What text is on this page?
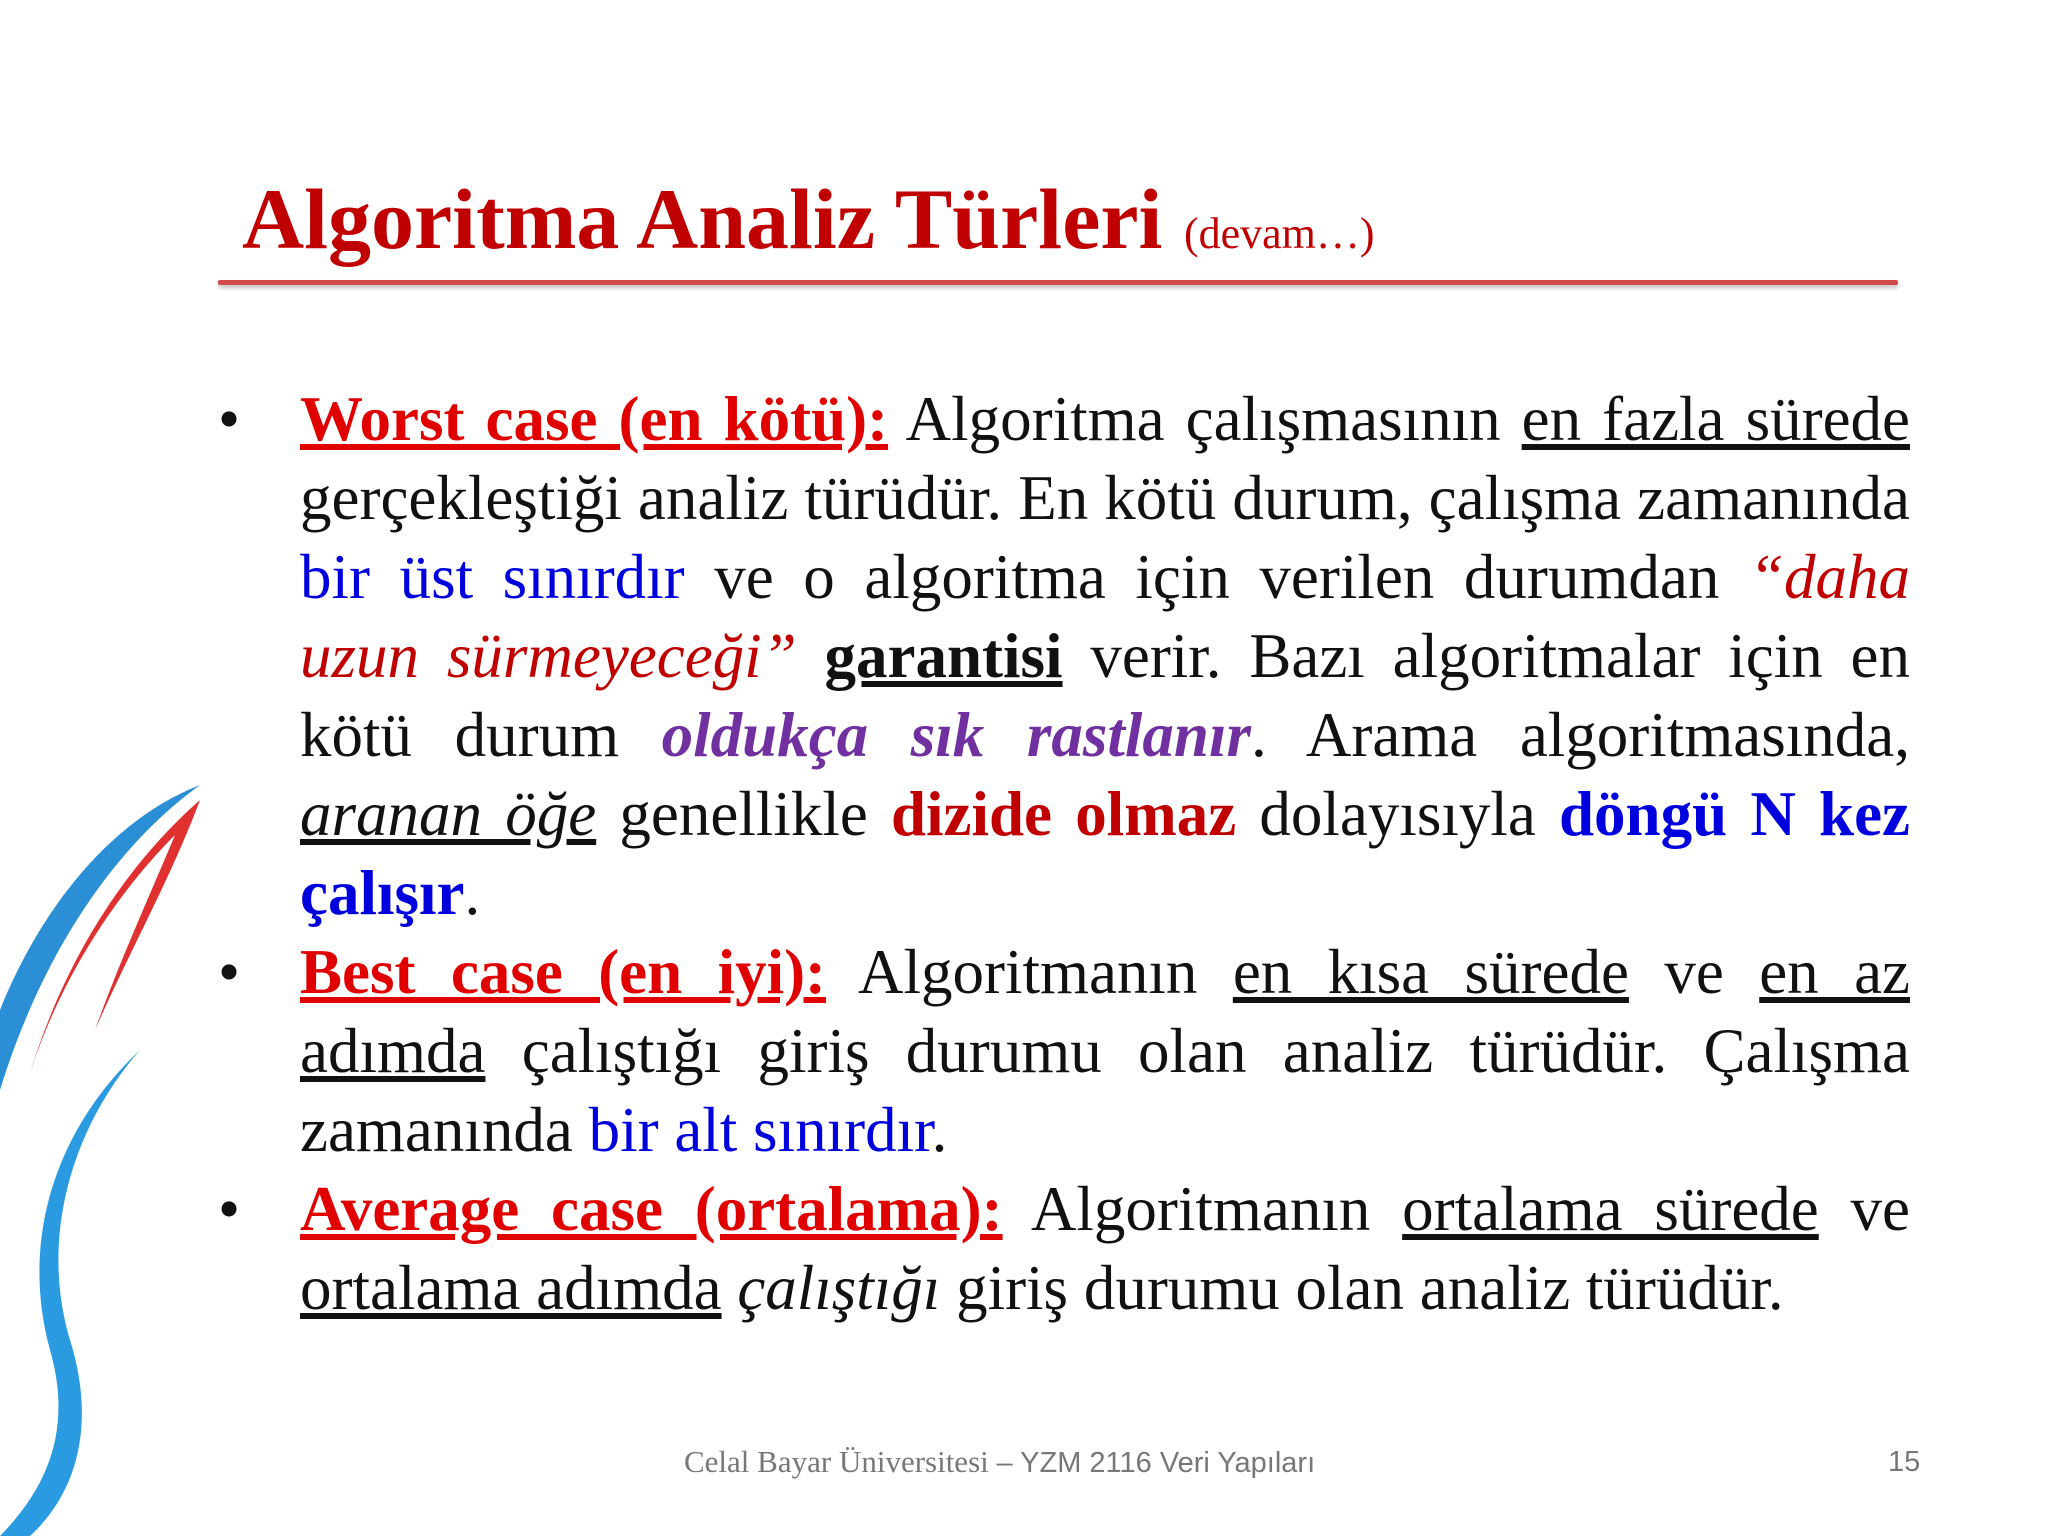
Algoritma Analiz Türleri (devam…)
• Worst case (en kötü): Algoritma çalışmasının en fazla sürede gerçekleştiği analiz türüdür. En kötü durum, çalışma zamanında bir üst sınırdır ve o algoritma için verilen durumdan “daha uzun sürmeyeceği” garantisi verir. Bazı algoritmalar için en kötü durum oldukça sık rastlanır. Arama algoritmasında, aranan öğe genellikle dizide olmaz dolayısıyla döngü N kez çalışır.
• Best case (en iyi): Algoritmanın en kısa sürede ve en az adımda çalıştığı giriş durumu olan analiz türüdür. Çalışma zamanında bir alt sınırdır.
• Average case (ortalama): Algoritmanın ortalama sürede ve ortalama adımda çalıştığı giriş durumu olan analiz türüdür.
Celal Bayar Üniversitesi – YZM 2116 Veri Yapıları	15
